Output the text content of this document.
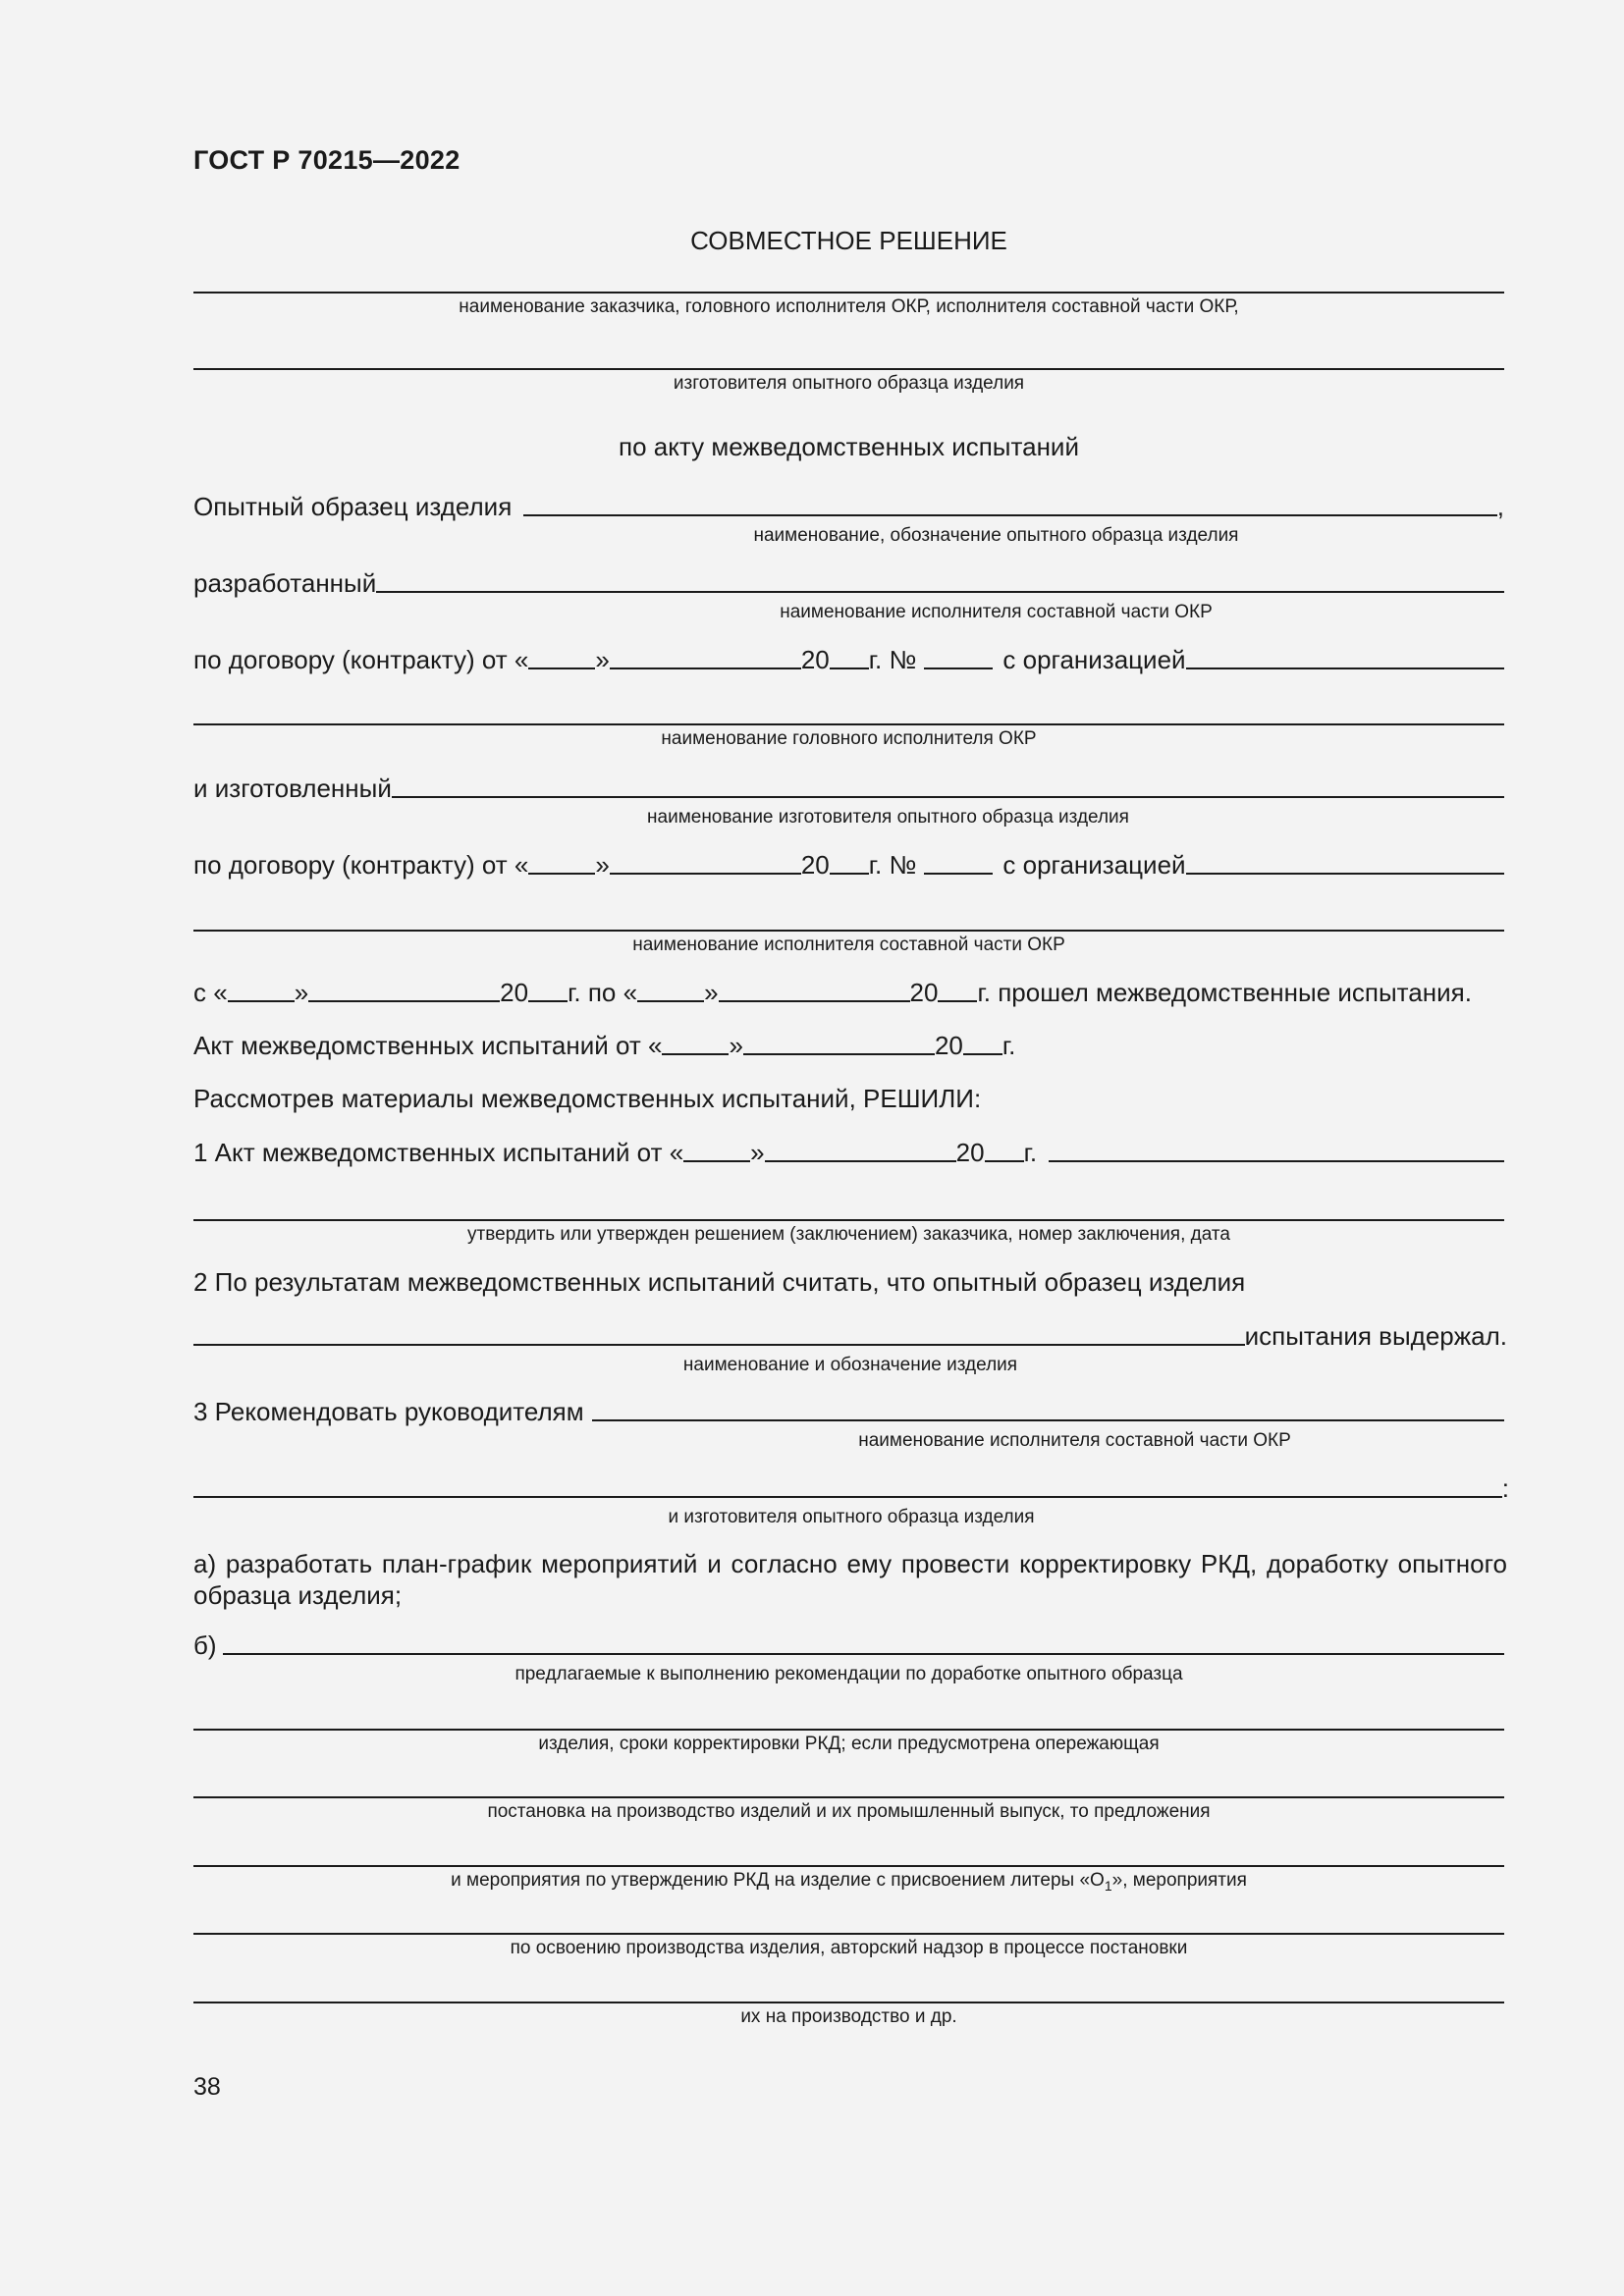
ГОСТ Р 70215—2022
СОВМЕСТНОЕ РЕШЕНИЕ
наименование заказчика, головного исполнителя ОКР, исполнителя составной части ОКР,
изготовителя опытного образца изделия
по акту межведомственных испытаний
Опытный образец изделия	,
наименование, обозначение опытного образца изделия
разработанный
наименование исполнителя составной части ОКР
по договору (контракту) от «	»	20 г. №	с организацией
наименование головного исполнителя ОКР
и изготовленный
наименование изготовителя опытного образца изделия
по договору (контракту) от «	»	20 г. №	с организацией
наименование исполнителя составной части ОКР
с «	»	20 г. по «	»	20 г. прошел межведомственные испытания.
Акт межведомственных испытаний от «	»	20 г.
Рассмотрев материалы межведомственных испытаний, РЕШИЛИ:
1 Акт межведомственных испытаний от «	»	20 г.
утвердить или утвержден решением (заключением) заказчика, номер заключения, дата
2 По результатам межведомственных испытаний считать, что опытный образец изделия
испытания выдержал.
наименование и обозначение изделия
3 Рекомендовать руководителям
наименование исполнителя составной части ОКР
:
и изготовителя опытного образца изделия
а) разработать план-график мероприятий и согласно ему провести корректировку РКД, доработку опытного образца изделия;
б)
предлагаемые к выполнению рекомендации по доработке опытного образца
изделия, сроки корректировки РКД; если предусмотрена опережающая
постановка на производство изделий и их промышленный выпуск, то предложения
и мероприятия по утверждению РКД на изделие с присвоением литеры «$О_1$», мероприятия
по освоению производства изделия, авторский надзор в процессе постановки
их на производство и др.
38
